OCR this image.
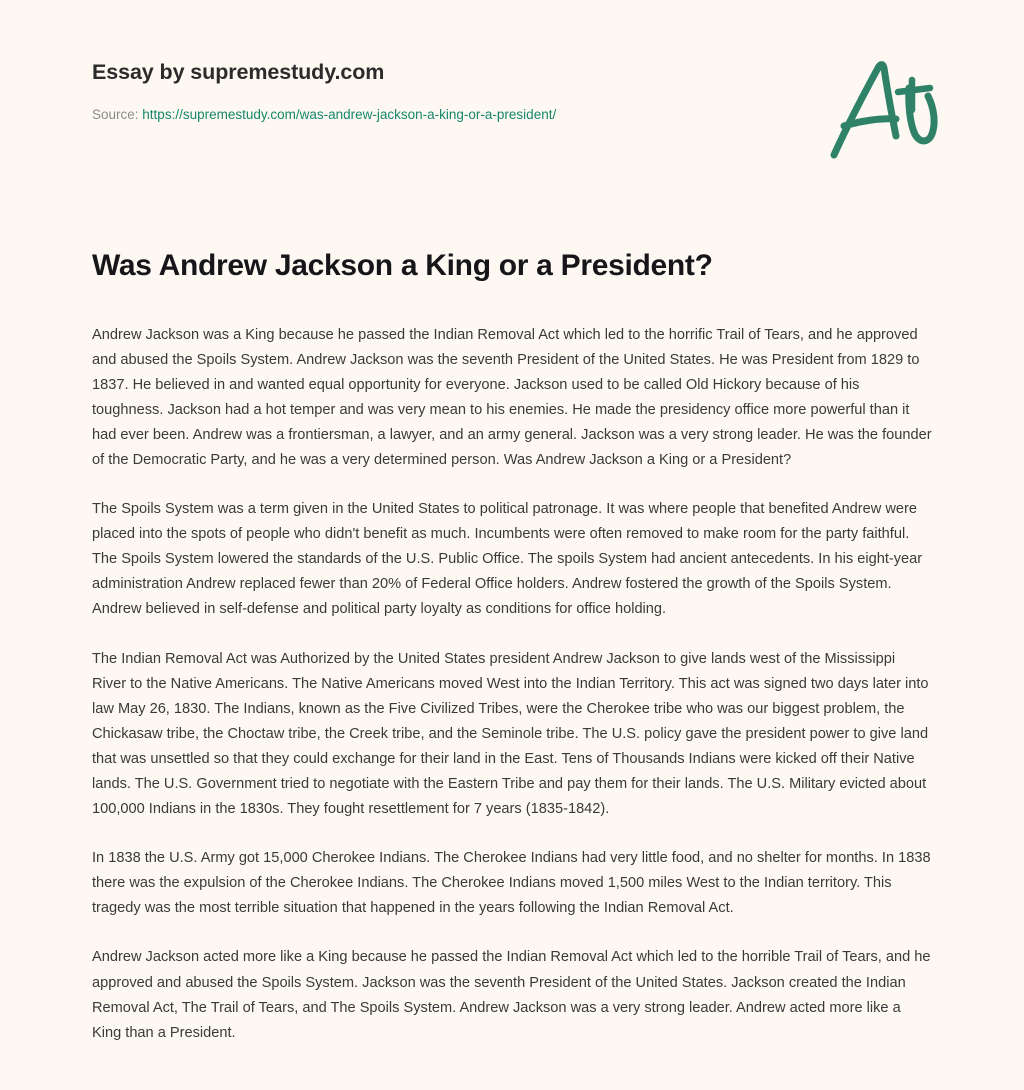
Essay by supremestudy.com
Source: https://supremestudy.com/was-andrew-jackson-a-king-or-a-president/
Was Andrew Jackson a King or a President?

Andrew Jackson was a King because he passed the Indian Removal Act which led to the horrific Trail of Tears, and he approved and abused the Spoils System. Andrew Jackson was the seventh President of the United States. He was President from 1829 to 1837. He believed in and wanted equal opportunity for everyone. Jackson used to be called Old Hickory because of his toughness. Jackson had a hot temper and was very mean to his enemies. He made the presidency office more powerful than it had ever been. Andrew was a frontiersman, a lawyer, and an army general. Jackson was a very strong leader. He was the founder of the Democratic Party, and he was a very determined person. Was Andrew Jackson a King or a President?

The Spoils System was a term given in the United States to political patronage. It was where people that benefited Andrew were placed into the spots of people who didn't benefit as much. Incumbents were often removed to make room for the party faithful. The Spoils System lowered the standards of the U.S. Public Office. The spoils System had ancient antecedents. In his eight-year administration Andrew replaced fewer than 20% of Federal Office holders. Andrew fostered the growth of the Spoils System. Andrew believed in self-defense and political party loyalty as conditions for office holding.

The Indian Removal Act was Authorized by the United States president Andrew Jackson to give lands west of the Mississippi River to the Native Americans. The Native Americans moved West into the Indian Territory. This act was signed two days later into law May 26, 1830. The Indians, known as the Five Civilized Tribes, were the Cherokee tribe who was our biggest problem, the Chickasaw tribe, the Choctaw tribe, the Creek tribe, and the Seminole tribe. The U.S. policy gave the president power to give land that was unsettled so that they could exchange for their land in the East. Tens of Thousands Indians were kicked off their Native lands. The U.S. Government tried to negotiate with the Eastern Tribe and pay them for their lands. The U.S. Military evicted about 100,000 Indians in the 1830s. They fought resettlement for 7 years (1835-1842).

In 1838 the U.S. Army got 15,000 Cherokee Indians. The Cherokee Indians had very little food, and no shelter for months. In 1838 there was the expulsion of the Cherokee Indians. The Cherokee Indians moved 1,500 miles West to the Indian territory. This tragedy was the most terrible situation that happened in the years following the Indian Removal Act.

Andrew Jackson acted more like a King because he passed the Indian Removal Act which led to the horrible Trail of Tears, and he approved and abused the Spoils System. Jackson was the seventh President of the United States. Jackson created the Indian Removal Act, The Trail of Tears, and The Spoils System. Andrew Jackson was a very strong leader. Andrew acted more like a King than a President.
